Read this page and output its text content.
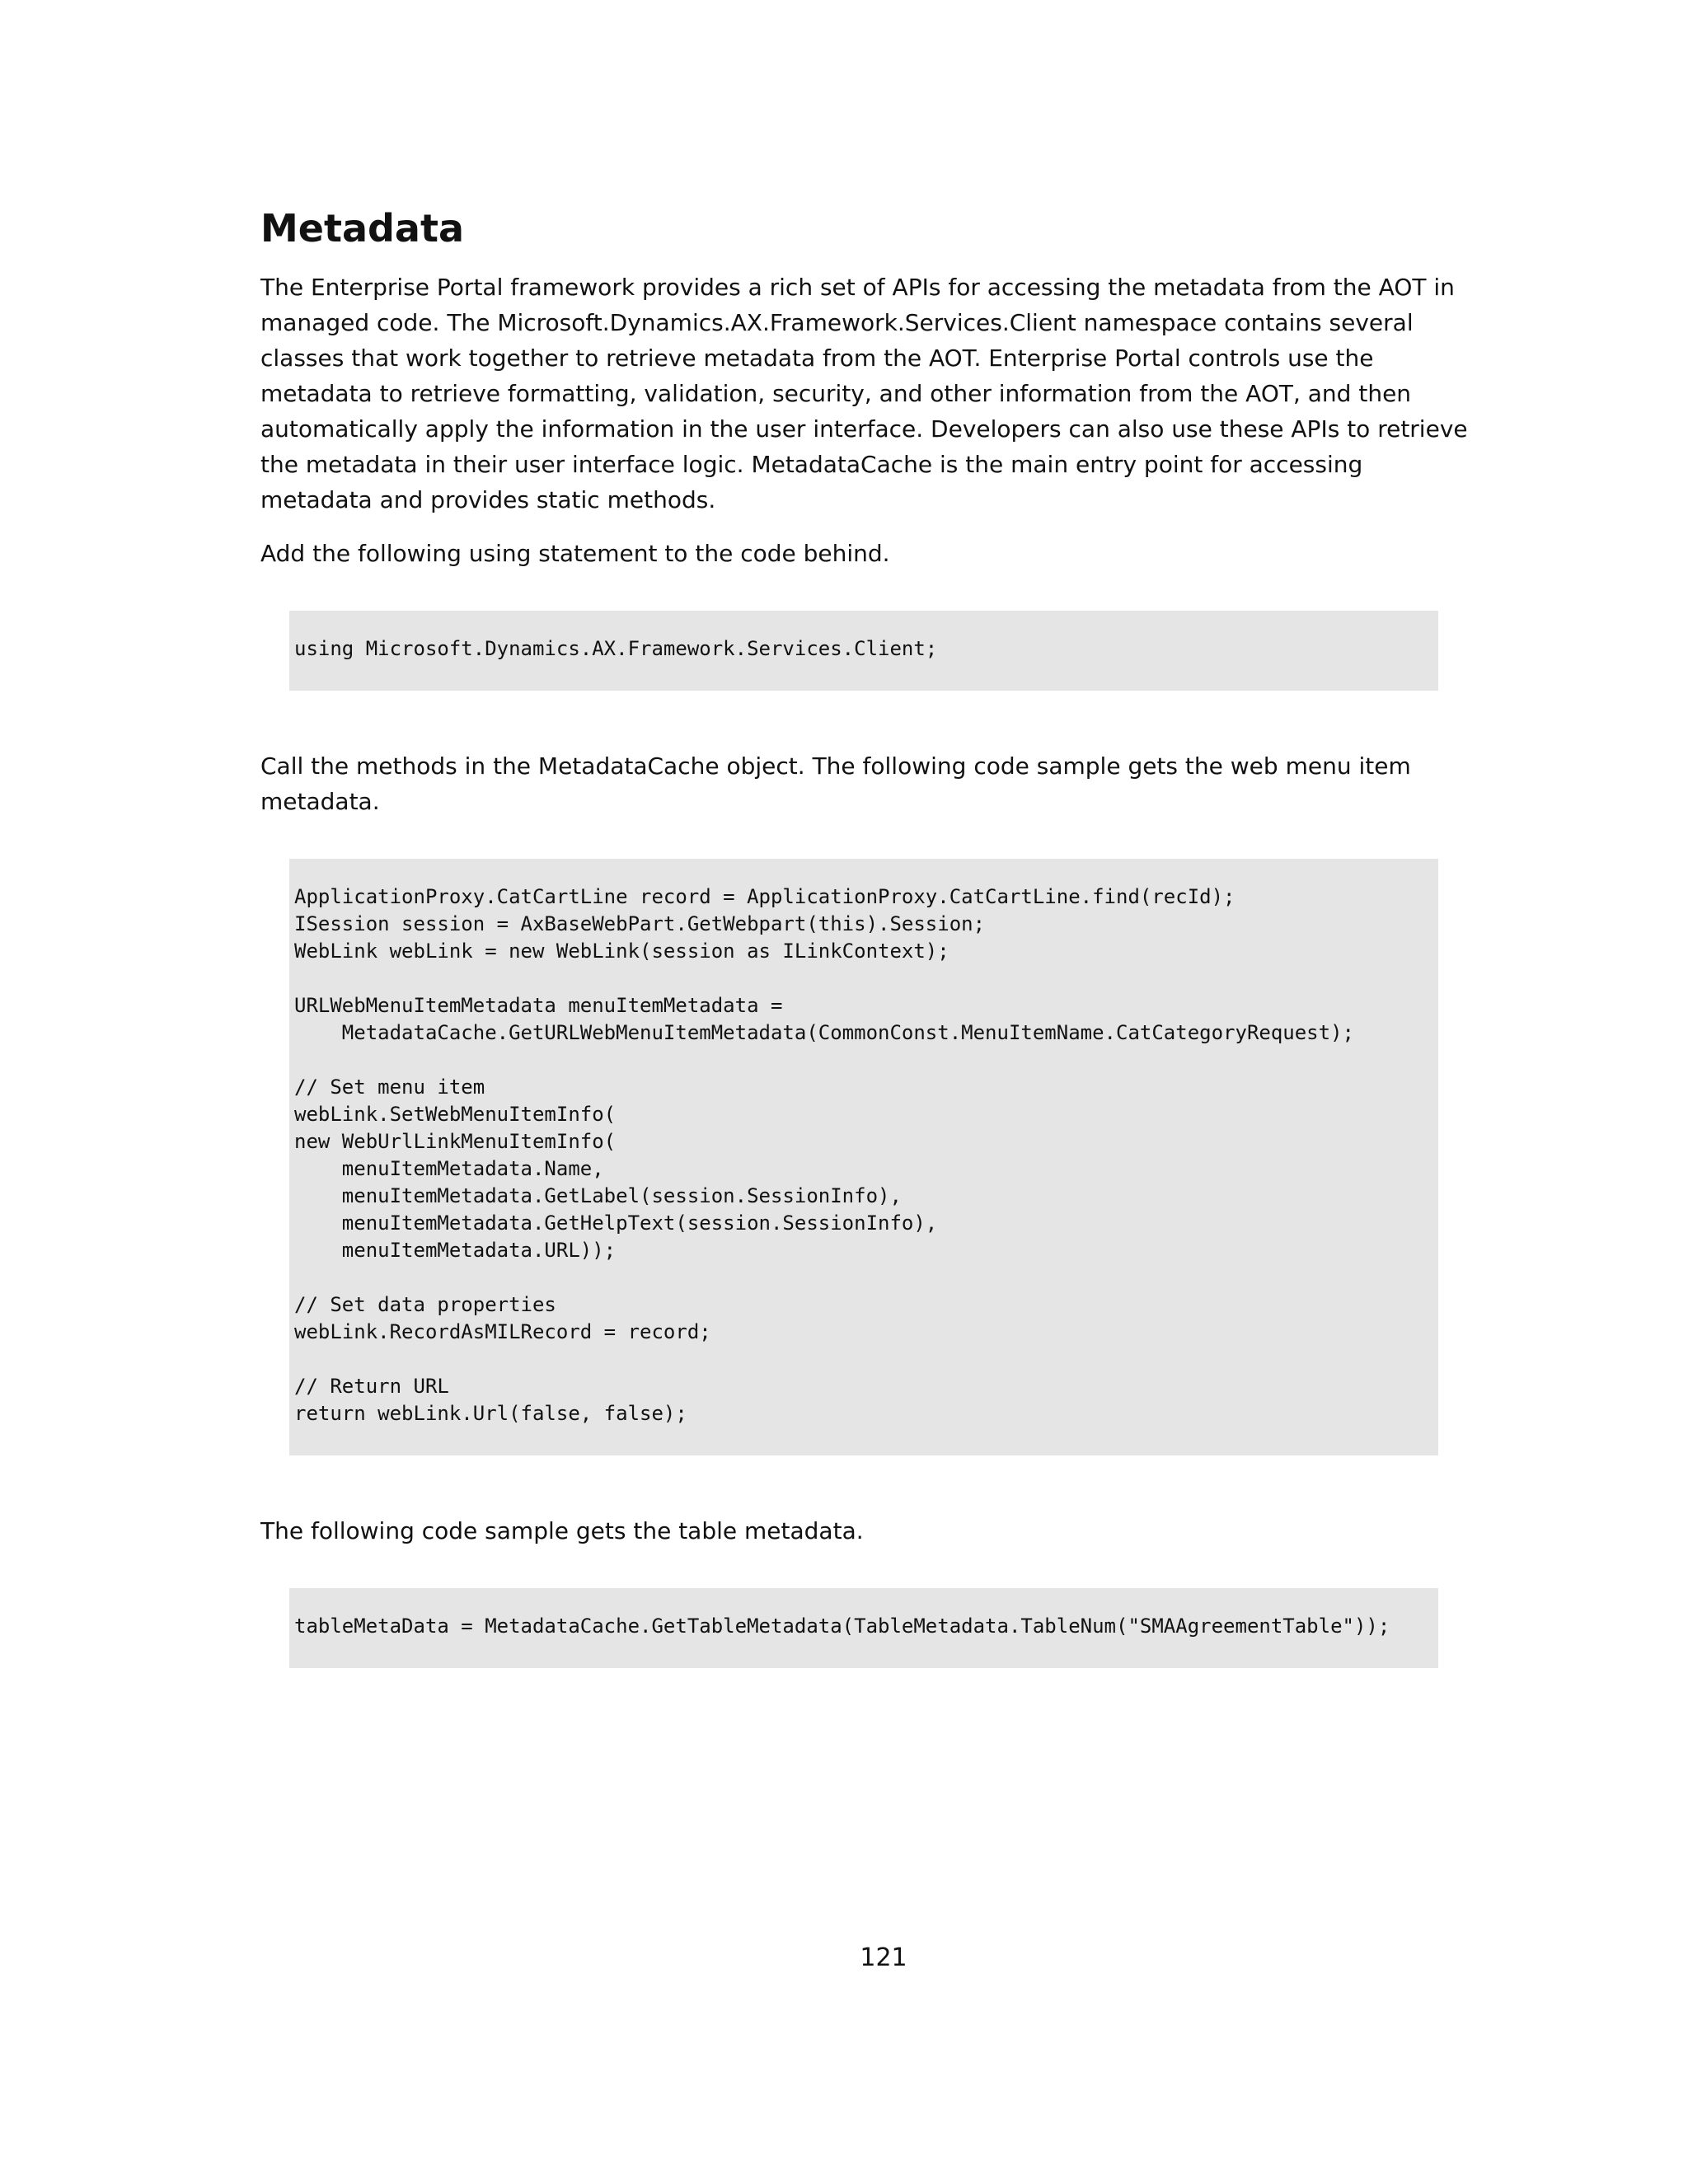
Metadata

The Enterprise Portal framework provides a rich set of APIs for accessing the metadata from the AOT in managed code. The Microsoft.Dynamics.AX.Framework.Services.Client namespace contains several classes that work together to retrieve metadata from the AOT. Enterprise Portal controls use the metadata to retrieve formatting, validation, security, and other information from the AOT, and then automatically apply the information in the user interface. Developers can also use these APIs to retrieve the metadata in their user interface logic. MetadataCache is the main entry point for accessing metadata and provides static methods.

Add the following using statement to the code behind.

using Microsoft.Dynamics.AX.Framework.Services.Client;

Call the methods in the MetadataCache object. The following code sample gets the web menu item metadata.

ApplicationProxy.CatCartLine record = ApplicationProxy.CatCartLine.find(recId);
ISession session = AxBaseWebPart.GetWebpart(this).Session;
WebLink webLink = new WebLink(session as ILinkContext);
URLWebMenuItemMetadata menuItemMetadata =
MetadataCache.GetURLWebMenuItemMetadata(CommonConst.MenuItemName.CatCategoryRequest);
// Set menu item
webLink.SetWebMenuItemInfo(
new WebUrlLinkMenuItemInfo(
menuItemMetadata.Name,
menuItemMetadata.GetLabel(session.SessionInfo),
menuItemMetadata.GetHelpText(session.SessionInfo),
menuItemMetadata.URL));
// Set data properties
webLink.RecordAsMILRecord = record;
// Return URL
return webLink.Url(false, false);

The following code sample gets the table metadata.

tableMetaData = MetadataCache.GetTableMetadata(TableMetadata.TableNum("SMAAgreementTable"));
121
